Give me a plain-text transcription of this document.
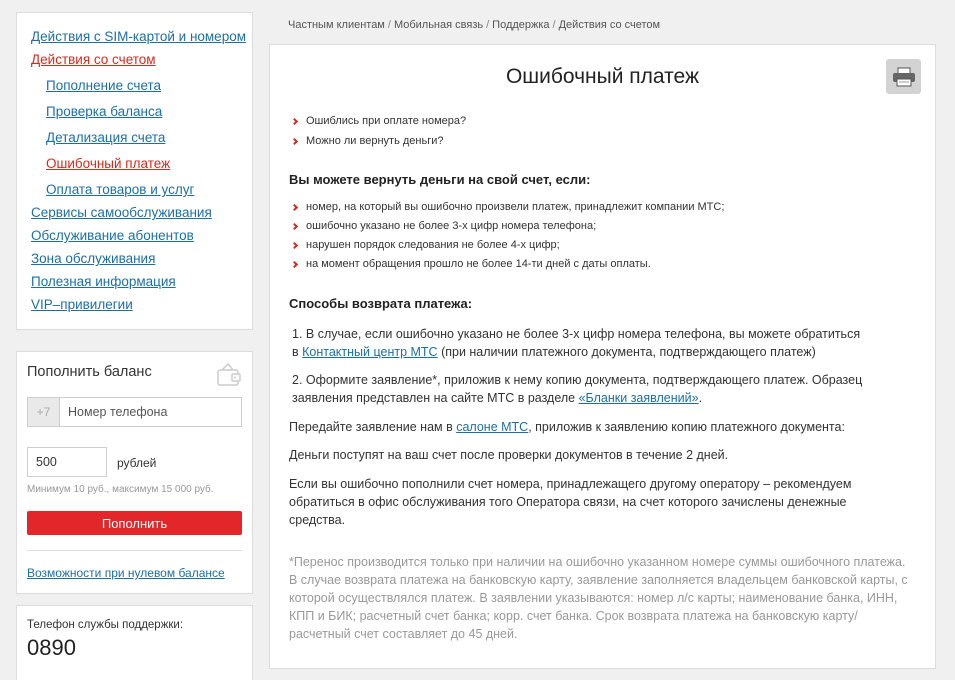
Действия с SIM-картой и номером
Действия со счетом
Пополнение счета
Проверка баланса
Детализация счета
Ошибочный платеж
Оплата товаров и услуг
Сервисы самообслуживания
Обслуживание абонентов
Зона обслуживания
Полезная информация
VIP–привилегии
Пополнить баланс
+7
Номер телефона
500
рублей
Минимум 10 руб., максимум 15 000 руб.
Пополнить
Возможности при нулевом балансе
Телефон службы поддержки:
0890
Частным клиентам / Мобильная связь / Поддержка / Действия со счетом
Ошибочный платеж
Ошиблись при оплате номера?
Можно ли вернуть деньги?
Вы можете вернуть деньги на свой счет, если:
номер, на который вы ошибочно произвели платеж, принадлежит компании МТС;
ошибочно указано не более 3-х цифр номера телефона;
нарушен порядок следования не более 4-х цифр;
на момент обращения прошло не более 14-ти дней с даты оплаты.
Способы возврата платежа:
1. В случае, если ошибочно указано не более 3-х цифр номера телефона, вы можете обратиться в Контактный центр МТС (при наличии платежного документа, подтверждающего платеж)
2. Оформите заявление*, приложив к нему копию документа, подтверждающего платеж. Образец заявления представлен на сайте МТС в разделе «Бланки заявлений».
Передайте заявление нам в салоне МТС, приложив к заявлению копию платежного документа:
Деньги поступят на ваш счет после проверки документов в течение 2 дней.
Если вы ошибочно пополнили счет номера, принадлежащего другому оператору – рекомендуем обратиться в офис обслуживания того Оператора связи, на счет которого зачислены денежные средства.
*Перенос производится только при наличии на ошибочно указанном номере суммы ошибочного платежа. В случае возврата платежа на банковскую карту, заявление заполняется владельцем банковской карты, с которой осуществлялся платеж. В заявлении указываются: номер л/с карты; наименование банка, ИНН, КПП и БИК; расчетный счет банка; корр. счет банка. Срок возврата платежа на банковскую карту/расчетный счет составляет до 45 дней.
